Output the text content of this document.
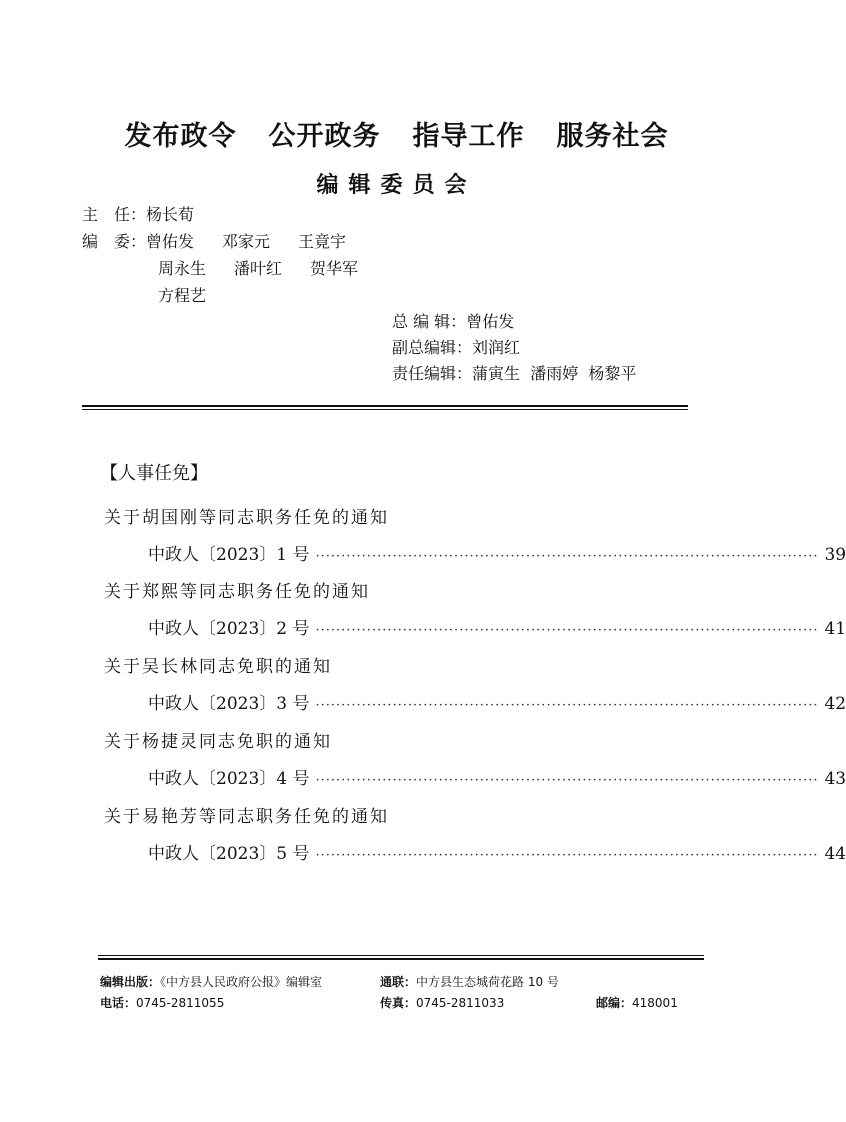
发布政令 公开政务 指导工作 服务社会
编辑委员会
主　任：杨长荀
编　委：曾佑发 邓家元 王竟宇
周永生 潘叶红 贺华军
方程艺
总 编 辑：曾佑发
副总编辑：刘润红
责任编辑：蒲寅生  潘雨婷  杨黎平
【人事任免】
关于胡国刚等同志职务任免的通知
中政人〔2023〕1 号 ·································································································· 39
关于郑熙等同志职务任免的通知
中政人〔2023〕2 号 ·································································································· 41
关于吴长林同志免职的通知
中政人〔2023〕3 号 ·································································································· 42
关于杨捷灵同志免职的通知
中政人〔2023〕4 号 ·································································································· 43
关于易艳芳等同志职务任免的通知
中政人〔2023〕5 号 ·································································································· 44
编辑出版：《中方县人民政府公报》编辑室	通联：中方县生态城荷花路 10 号
电话：0745-2811055	传真：0745-2811033	邮编：418001
